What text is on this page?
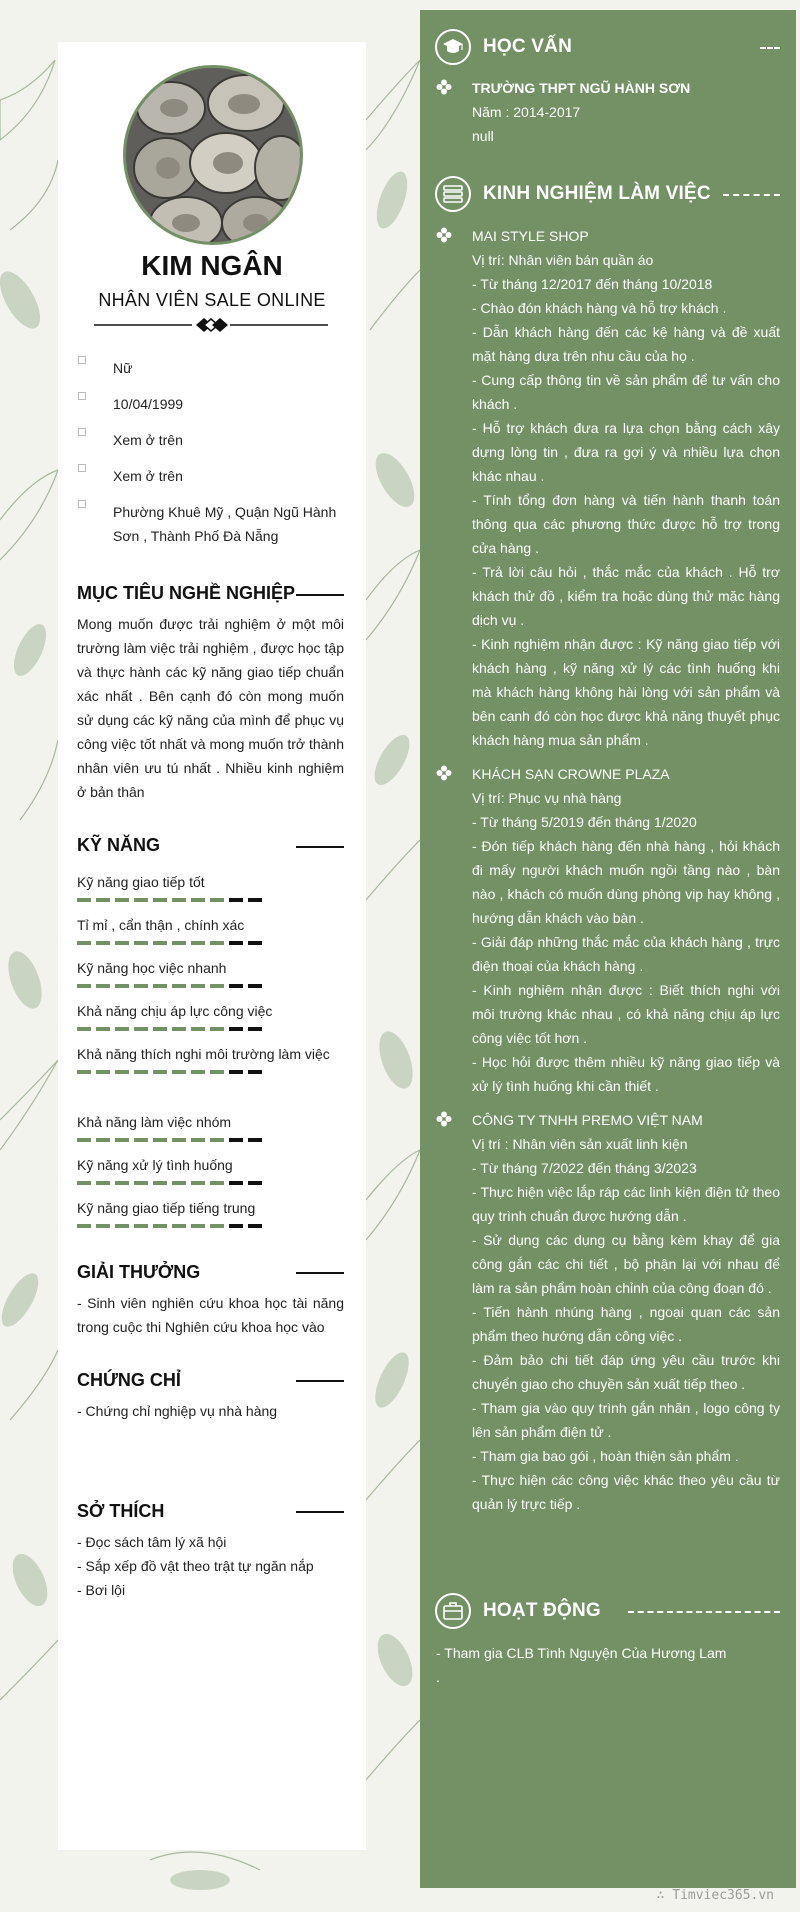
KIM NGÂN
NHÂN VIÊN SALE ONLINE
Nữ
10/04/1999
Xem ở trên
Xem ở trên
Phường Khuê Mỹ , Quận Ngũ Hành Sơn , Thành Phố Đà Nẵng
MỤC TIÊU NGHỀ NGHIỆP
Mong muốn được trải nghiệm ở một môi trường làm việc trải nghiệm , được học tập và thực hành các kỹ năng giao tiếp chuẩn xác nhất . Bên cạnh đó còn mong muốn sử dụng các kỹ năng của mình để phục vụ công việc tốt nhất và mong muốn trở thành nhân viên ưu tú nhất . Nhiều kinh nghiệm ở bản thân
KỸ NĂNG
Kỹ năng giao tiếp tốt
Tỉ mỉ , cẩn thận , chính xác
Kỹ năng học việc nhanh
Khả năng chịu áp lực công việc
Khả năng thích nghi môi trường làm việc
Khả năng làm việc nhóm
Kỹ năng xử lý tình huống
Kỹ năng giao tiếp tiếng trung
GIẢI THƯỞNG
- Sinh viên nghiên cứu khoa học tài năng trong cuộc thi Nghiên cứu khoa học vào
CHỨNG CHỈ
- Chứng chỉ nghiệp vụ nhà hàng
SỞ THÍCH
- Đọc sách tâm lý xã hội
- Sắp xếp đồ vật theo trật tự ngăn nắp
- Bơi lội
HỌC VẤN
TRƯỜNG THPT NGŨ HÀNH SƠN
Năm : 2014-2017
null
KINH NGHIỆM LÀM VIỆC
MAI STYLE SHOP
Vị trí: Nhân viên bán quần áo
- Từ tháng 12/2017 đến tháng 10/2018
- Chào đón khách hàng và hỗ trợ khách .
- Dẫn khách hàng đến các kệ hàng và đề xuất mặt hàng dựa trên nhu cầu của họ .
- Cung cấp thông tin về sản phẩm để tư vấn cho khách .
- Hỗ trợ khách đưa ra lựa chọn bằng cách xây dựng lòng tin , đưa ra gợi ý và nhiều lựa chọn khác nhau .
- Tính tổng đơn hàng và tiến hành thanh toán thông qua các phương thức được hỗ trợ trong cửa hàng .
- Trả lời câu hỏi , thắc mắc của khách . Hỗ trợ khách thử đồ , kiểm tra hoặc dùng thử mặc hàng dịch vụ .
- Kinh nghiệm nhận được : Kỹ năng giao tiếp với khách hàng , kỹ năng xử lý các tình huống khi mà khách hàng không hài lòng với sản phẩm và bên cạnh đó còn học được khả năng thuyết phục khách hàng mua sản phẩm .
KHÁCH SẠN CROWNE PLAZA
Vị trí: Phục vụ nhà hàng
- Từ tháng 5/2019 đến tháng 1/2020
- Đón tiếp khách hàng đến nhà hàng , hỏi khách đi mấy người khách muốn ngồi tầng nào , bàn nào , khách có muốn dùng phòng vip hay không , hướng dẫn khách vào bàn .
- Giải đáp những thắc mắc của khách hàng , trực điện thoại của khách hàng .
- Kinh nghiệm nhận được : Biết thích nghi với môi trường khác nhau , có khả năng chịu áp lực công việc tốt hơn .
- Học hỏi được thêm nhiều kỹ năng giao tiếp và xử lý tình huống khi cần thiết .
CÔNG TY TNHH PREMO VIỆT NAM
Vị trí : Nhân viên sản xuất linh kiện
- Từ tháng 7/2022 đến tháng 3/2023
- Thực hiện việc lắp ráp các linh kiện điện tử theo quy trình chuẩn được hướng dẫn .
- Sử dụng các dụng cụ bằng kèm khay để gia công gắn các chi tiết , bộ phận lại với nhau để làm ra sản phẩm hoàn chỉnh của công đoạn đó .
- Tiến hành nhúng hàng , ngoại quan các sản phẩm theo hướng dẫn công việc .
- Đảm bảo chi tiết đáp ứng yêu cầu trước khi chuyển giao cho chuyền sản xuất tiếp theo .
- Tham gia vào quy trình gắn nhãn , logo công ty lên sản phẩm điện tử .
- Tham gia bao gói , hoàn thiện sản phẩm .
- Thực hiện các công việc khác theo yêu cầu từ quản lý trực tiếp .
HOẠT ĐỘNG
- Tham gia CLB Tình Nguyện Của Hương Lam
.
∴ Timviec365.vn
